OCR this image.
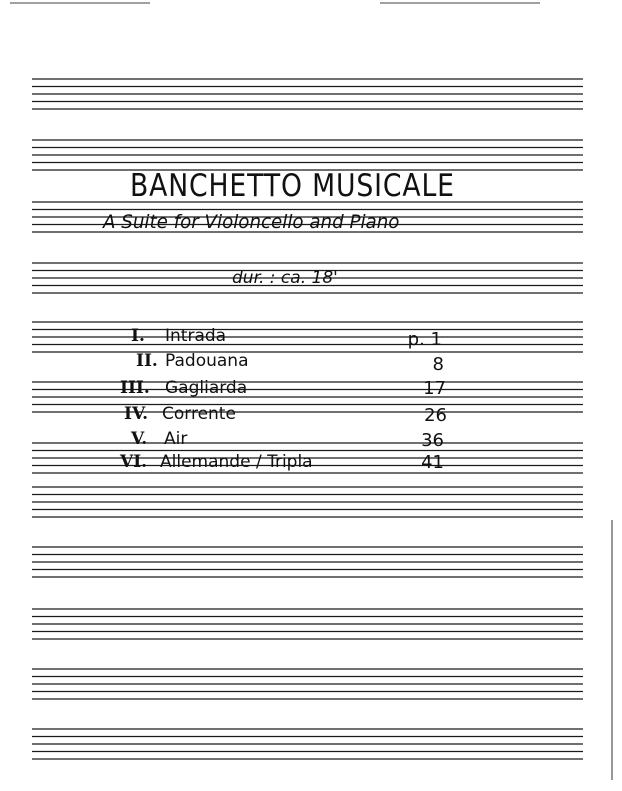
BANCHETTO MUSICALE
A Suite for Violoncello and Piano
dur. : ca. 18'
I. Intrada	p. 1
II. Padouana	8
III. Gagliarda	17
IV. Corrente	26
V. Air	36
VI. Allemande / Tripla	41
